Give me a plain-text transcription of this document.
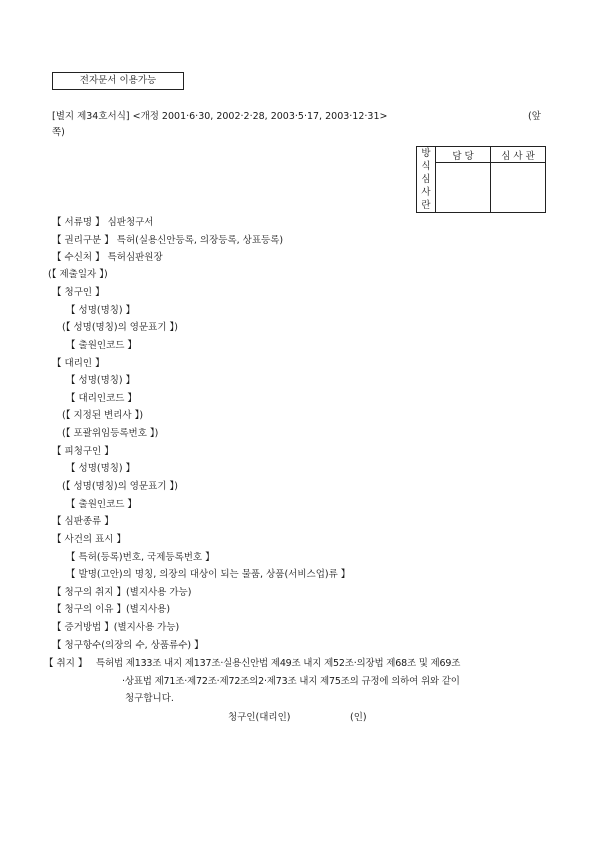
전자문서 이용가능
[별지 제34호서식] <개정 2001·6·30, 2002·2·28, 2003·5·17, 2003·12·31>	(앞
쪽)
방
식
심
사
란	담 당	심 사 관

【 서류명 】 심판청구서
【 권리구분 】 특허(실용신안등록, 의장등록, 상표등록)
【 수신처 】 특허심판원장
(【 제출일자 】)
【 청구인 】
【 성명(명칭) 】
(【 성명(명칭)의 영문표기 】)
【 출원인코드 】
【 대리인 】
【 성명(명칭) 】
【 대리인코드 】
(【 지정된 변리사 】)
(【 포괄위임등록번호 】)
【 피청구인 】
【 성명(명칭) 】
(【 성명(명칭)의 영문표기 】)
【 출원인코드 】
【 심판종류 】
【 사건의 표시 】
【 특허(등록)번호, 국제등록번호 】
【 발명(고안)의 명칭, 의장의 대상이 되는 물품, 상품(서비스업)류 】
【 청구의 취지 】(별지사용 가능)
【 청구의 이유 】(별지사용)
【 증거방법 】(별지사용 가능)
【 청구항수(의장의 수, 상품류수) 】
【 취지 】 특허법 제133조 내지 제137조·실용신안법 제49조 내지 제52조·의장법 제68조 및 제69조
·상표법 제71조·제72조·제72조의2·제73조 내지 제75조의 규정에 의하여 위와 같이
청구합니다.
청구인(대리인)	(인)
